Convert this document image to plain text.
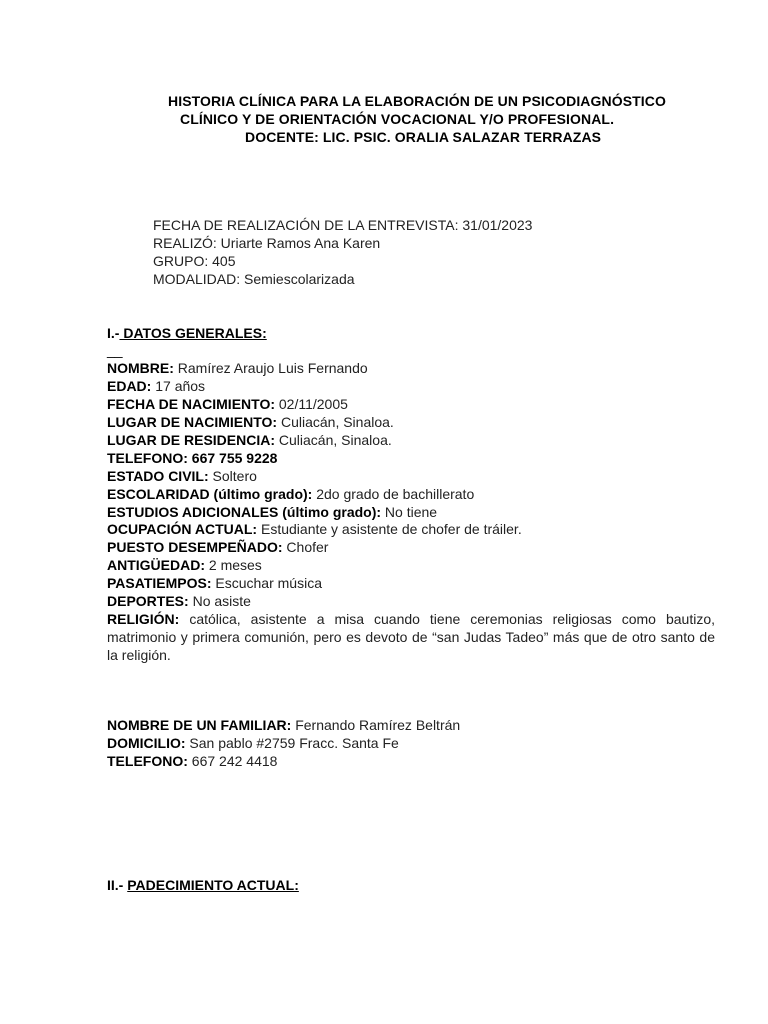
HISTORIA CLÍNICA PARA LA ELABORACIÓN DE UN PSICODIAGNÓSTICO
CLÍNICO Y DE ORIENTACIÓN VOCACIONAL Y/O PROFESIONAL.
DOCENTE: LIC. PSIC. ORALIA SALAZAR TERRAZAS
FECHA DE REALIZACIÓN DE LA ENTREVISTA: 31/01/2023
REALIZÓ: Uriarte Ramos Ana Karen
GRUPO: 405
MODALIDAD: Semiescolarizada
I.- DATOS GENERALES:
__
NOMBRE: Ramírez Araujo Luis Fernando
EDAD: 17 años
FECHA DE NACIMIENTO: 02/11/2005
LUGAR DE NACIMIENTO: Culiacán, Sinaloa.
LUGAR DE RESIDENCIA: Culiacán, Sinaloa.
TELEFONO: 667 755 9228
ESTADO CIVIL: Soltero
ESCOLARIDAD (último grado): 2do grado de bachillerato
ESTUDIOS ADICIONALES (último grado): No tiene
OCUPACIÓN ACTUAL: Estudiante y asistente de chofer de tráiler.
PUESTO DESEMPEÑADO: Chofer
ANTIGÜEDAD: 2 meses
PASATIEMPOS: Escuchar música
DEPORTES: No asiste
RELIGIÓN: católica, asistente a misa cuando tiene ceremonias religiosas como bautizo, matrimonio y primera comunión, pero es devoto de “san Judas Tadeo” más que de otro santo de la religión.
NOMBRE DE UN FAMILIAR: Fernando Ramírez Beltrán
DOMICILIO: San pablo #2759 Fracc. Santa Fe
TELEFONO: 667 242 4418
II.- PADECIMIENTO ACTUAL:
